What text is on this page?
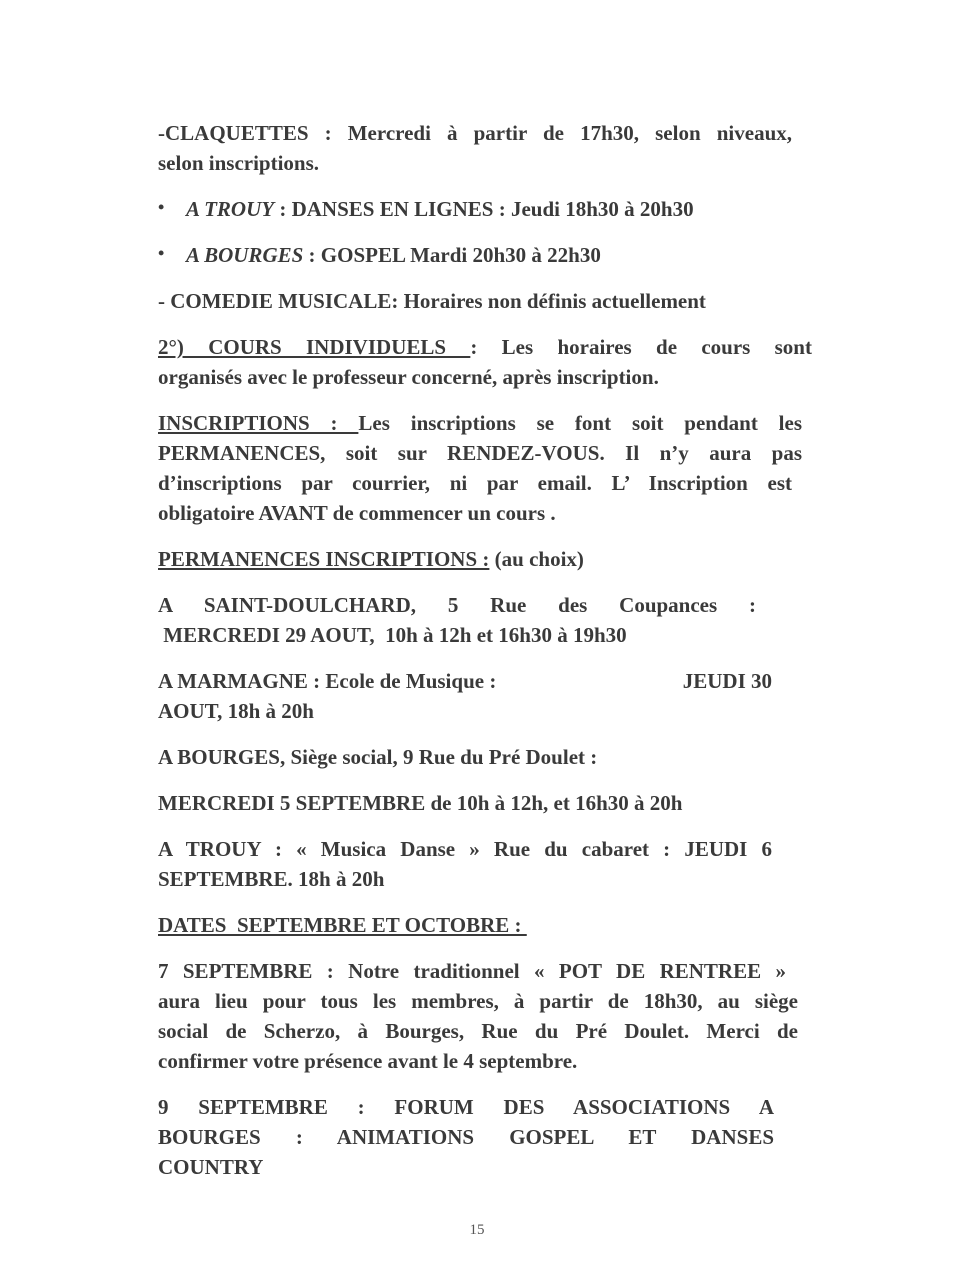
-CLAQUETTES : Mercredi à partir de 17h30, selon niveaux,
selon inscriptions.
• A TROUY : DANSES EN LIGNES : Jeudi 18h30 à 20h30
• A BOURGES : GOSPEL Mardi 20h30 à 22h30
- COMEDIE MUSICALE: Horaires non définis actuellement
2°) COURS INDIVIDUELS : Les horaires de cours sont
organisés avec le professeur concerné, après inscription.
INSCRIPTIONS : Les inscriptions se font soit pendant les
PERMANENCES, soit sur RENDEZ-VOUS. Il n’y aura pas
d’inscriptions par courrier, ni par email. L’ Inscription est
obligatoire AVANT de commencer un cours .
PERMANENCES INSCRIPTIONS : (au choix)
A SAINT-DOULCHARD, 5 Rue des Coupances :
MERCREDI 29 AOUT,  10h à 12h et 16h30 à 19h30
A MARMAGNE : Ecole de Musique :	JEUDI 30
AOUT, 18h à 20h
A BOURGES, Siège social, 9 Rue du Pré Doulet :
MERCREDI 5 SEPTEMBRE de 10h à 12h, et 16h30 à 20h
A TROUY : « Musica Danse » Rue du cabaret : JEUDI 6
SEPTEMBRE. 18h à 20h
DATES  SEPTEMBRE ET OCTOBRE :
7 SEPTEMBRE : Notre traditionnel « POT DE RENTREE »
aura lieu pour tous les membres, à partir de 18h30, au siège
social de Scherzo, à Bourges, Rue du Pré Doulet. Merci de
confirmer votre présence avant le 4 septembre.
9 SEPTEMBRE : FORUM DES ASSOCIATIONS A
BOURGES : ANIMATIONS GOSPEL ET DANSES
COUNTRY
15
